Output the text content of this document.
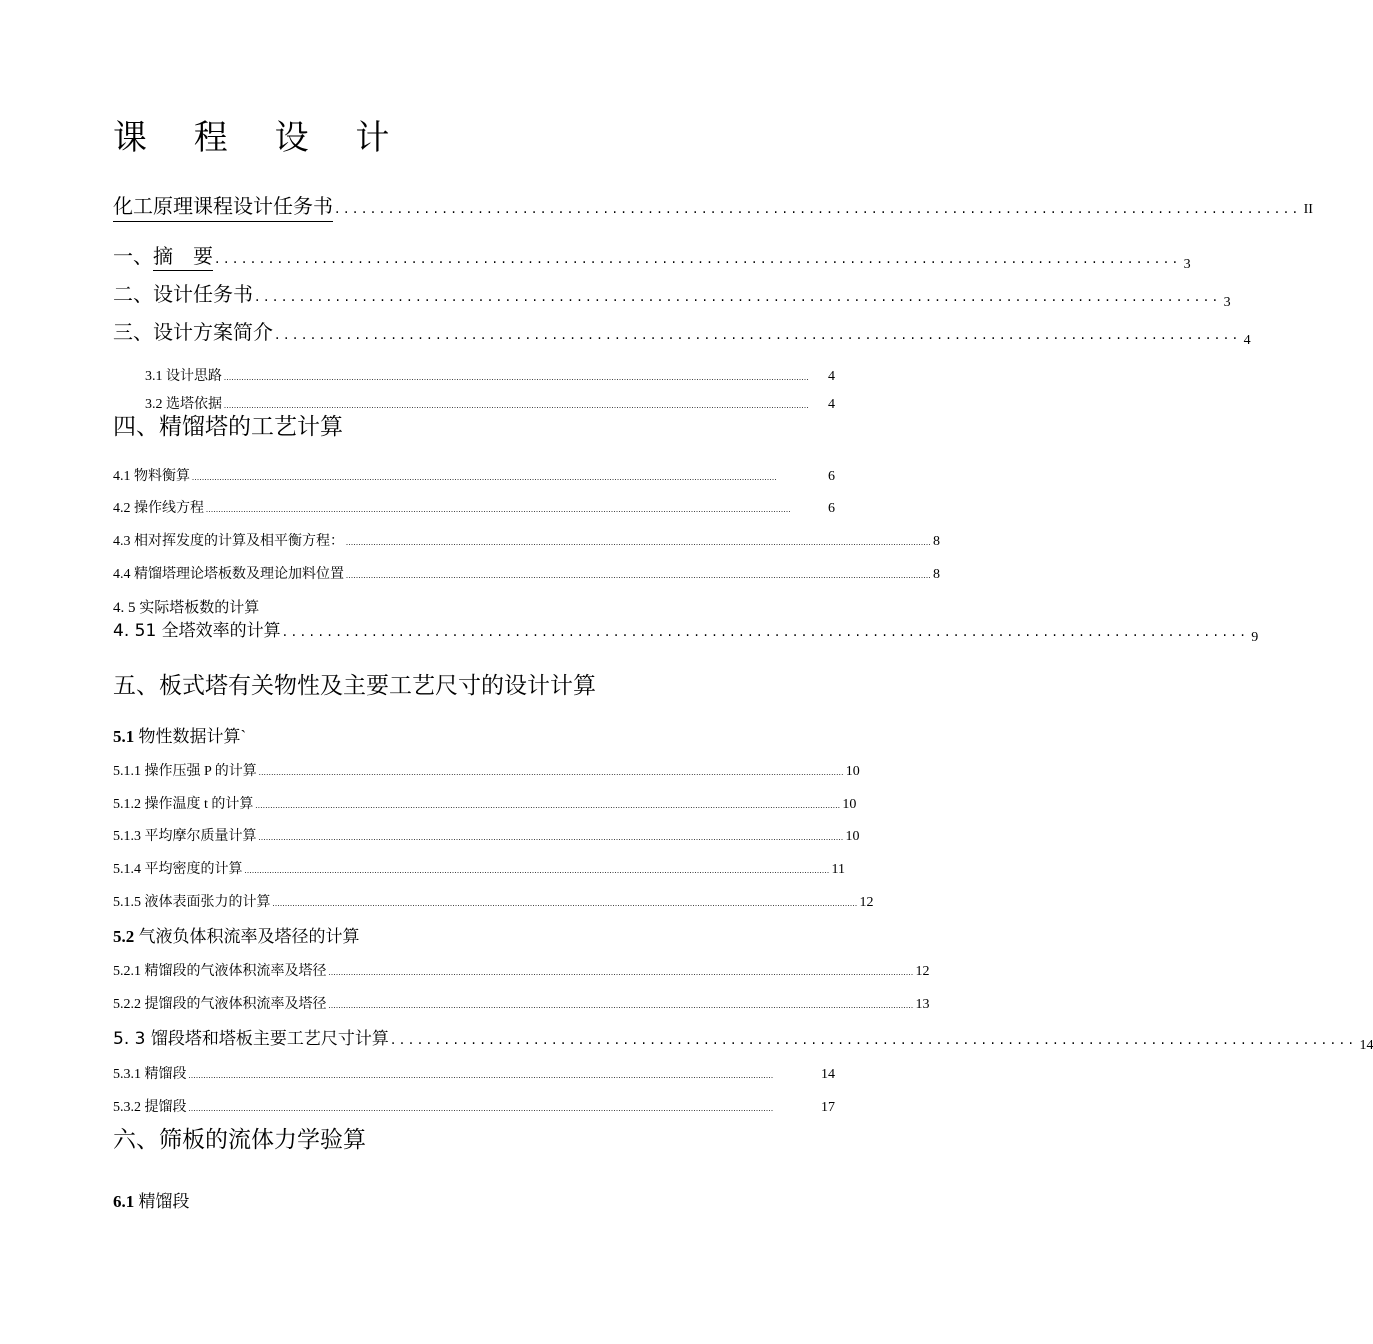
课 程 设 计
化工原理课程设计任务书 ............................................................................................................ II
一、摘　要 ............................................................................................................ 3
二、设计任务书 ............................................................................................................ 3
三、设计方案简介 ............................................................................................................ 4
3.1 设计思路 ..........................................................................................................................................................................................................................................	4
3.2 选塔依据 ..........................................................................................................................................................................................................................................	4
四、精馏塔的工艺计算
4.1 物料衡算 ..........................................................................................................................................................................................................................................	6
4.2 操作线方程 ..........................................................................................................................................................................................................................................	6
4.3 相对挥发度的计算及相平衡方程： .......................................................................................................................................................................................................................................... 8
4.4 精馏塔理论塔板数及理论加料位置 .......................................................................................................................................................................................................................................... 8
4. 5 实际塔板数的计算
4. 51 全塔效率的计算 ............................................................................................................ 9
五、板式塔有关物性及主要工艺尺寸的设计计算
5.1 物性数据计算`
5.1.1 操作压强 P 的计算 .......................................................................................................................................................................................................................................... 10
5.1.2 操作温度 t 的计算 .......................................................................................................................................................................................................................................... 10
5.1.3 平均摩尔质量计算 .......................................................................................................................................................................................................................................... 10
5.1.4 平均密度的计算 .......................................................................................................................................................................................................................................... 11
5.1.5 液体表面张力的计算 .......................................................................................................................................................................................................................................... 12
5.2 气液负体积流率及塔径的计算
5.2.1 精馏段的气液体积流率及塔径 .......................................................................................................................................................................................................................................... 12
5.2.2 提馏段的气液体积流率及塔径 .......................................................................................................................................................................................................................................... 13
5. 3 馏段塔和塔板主要工艺尺寸计算 ............................................................................................................ 14
5.3.1 精馏段 ..........................................................................................................................................................................................................................................	14
5.3.2 提馏段 ..........................................................................................................................................................................................................................................	17
六、筛板的流体力学验算
6.1 精馏段
